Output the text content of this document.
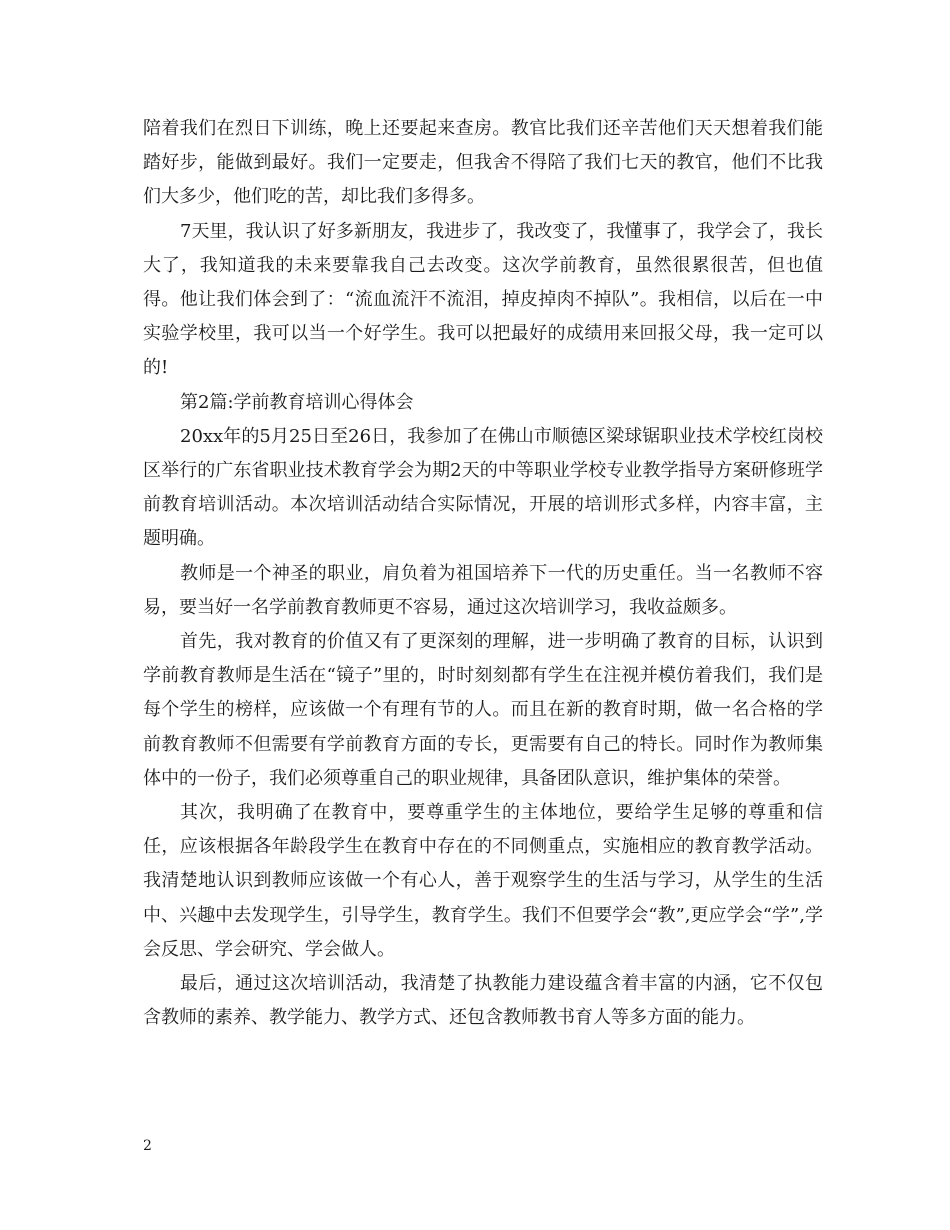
陪着我们在烈日下训练，晚上还要起来查房。教官比我们还辛苦他们天天想着我们能踏好步，能做到最好。我们一定要走，但我舍不得陪了我们七天的教官，他们不比我们大多少，他们吃的苦，却比我们多得多。

7天里，我认识了好多新朋友，我进步了，我改变了，我懂事了，我学会了，我长大了，我知道我的未来要靠我自己去改变。这次学前教育，虽然很累很苦，但也值得。他让我们体会到了：“流血流汗不流泪，掉皮掉肉不掉队”。我相信，以后在一中实验学校里，我可以当一个好学生。我可以把最好的成绩用来回报父母，我一定可以的!

第2篇:学前教育培训心得体会

20xx年的5月25日至26日，我参加了在佛山市顺德区梁球锯职业技术学校红岗校区举行的广东省职业技术教育学会为期2天的中等职业学校专业教学指导方案研修班学前教育培训活动。本次培训活动结合实际情况，开展的培训形式多样，内容丰富，主题明确。

教师是一个神圣的职业，肩负着为祖国培养下一代的历史重任。当一名教师不容易，要当好一名学前教育教师更不容易，通过这次培训学习，我收益颇多。

首先，我对教育的价值又有了更深刻的理解，进一步明确了教育的目标，认识到学前教育教师是生活在“镜子”里的，时时刻刻都有学生在注视并模仿着我们，我们是每个学生的榜样，应该做一个有理有节的人。而且在新的教育时期，做一名合格的学前教育教师不但需要有学前教育方面的专长，更需要有自己的特长。同时作为教师集体中的一份子，我们必须尊重自己的职业规律，具备团队意识，维护集体的荣誉。

其次，我明确了在教育中，要尊重学生的主体地位，要给学生足够的尊重和信任，应该根据各年龄段学生在教育中存在的不同侧重点，实施相应的教育教学活动。我清楚地认识到教师应该做一个有心人，善于观察学生的生活与学习，从学生的生活中、兴趣中去发现学生，引导学生，教育学生。我们不但要学会“教”,更应学会“学”,学会反思、学会研究、学会做人。

最后，通过这次培训活动，我清楚了执教能力建设蕴含着丰富的内涵，它不仅包含教师的素养、教学能力、教学方式、还包含教师教书育人等多方面的能力。

2
